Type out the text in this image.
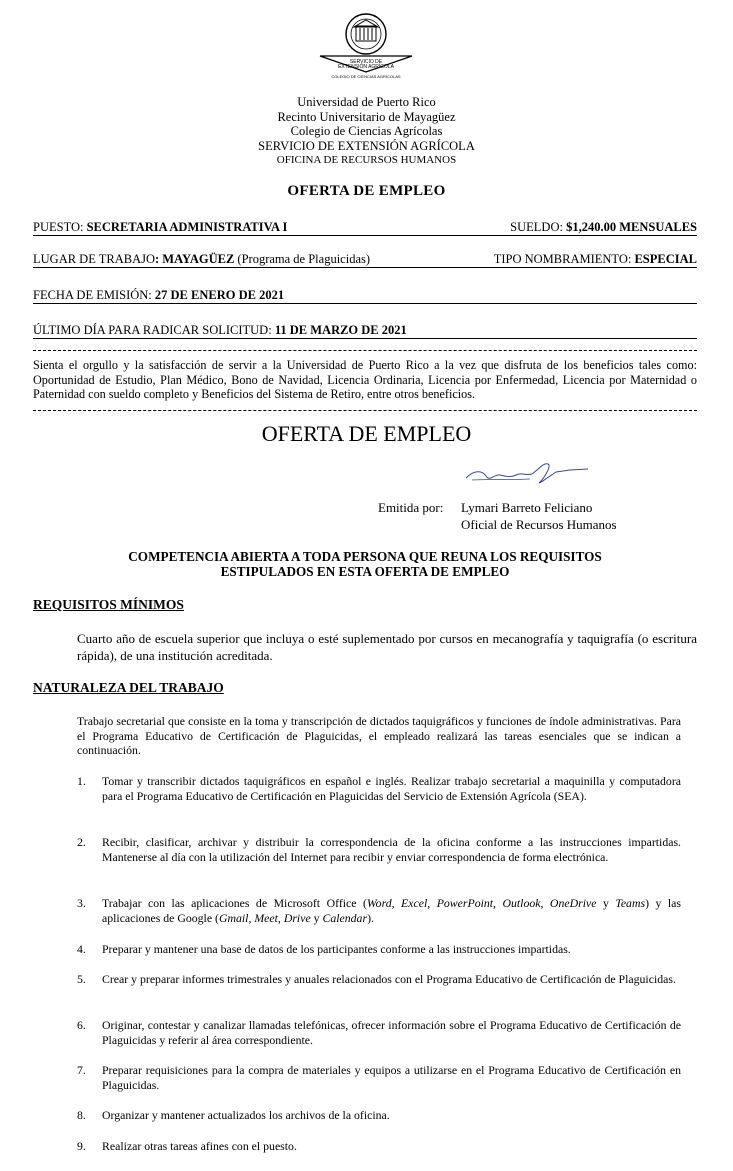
SERVICIO DE
EXTENSIÓN AGRÍCOLA
COLEGIO DE CIENCIAS AGRÍCOLAS
Universidad de Puerto Rico
Recinto Universitario de Mayagüez
Colegio de Ciencias Agrícolas
SERVICIO DE EXTENSIÓN AGRÍCOLA
OFICINA DE RECURSOS HUMANOS
OFERTA DE EMPLEO
PUESTO: SECRETARIA ADMINISTRATIVA I	SUELDO: $1,240.00 MENSUALES
LUGAR DE TRABAJO: MAYAGÜEZ (Programa de Plaguicidas)	TIPO NOMBRAMIENTO: ESPECIAL
FECHA DE EMISIÓN: 27 DE ENERO DE 2021
ÚLTIMO DÍA PARA RADICAR SOLICITUD: 11 DE MARZO DE 2021
Sienta el orgullo y la satisfacción de servir a la Universidad de Puerto Rico a la vez que disfruta de los beneficios tales como: Oportunidad de Estudio, Plan Médico, Bono de Navidad, Licencia Ordinaria, Licencia por Enfermedad, Licencia por Maternidad o Paternidad con sueldo completo y Beneficios del Sistema de Retiro, entre otros beneficios.
OFERTA DE EMPLEO
Emitida por: Lymari Barreto Feliciano
Oficial de Recursos Humanos
COMPETENCIA ABIERTA A TODA PERSONA QUE REUNA LOS REQUISITOS
ESTIPULADOS EN ESTA OFERTA DE EMPLEO
REQUISITOS MÍNIMOS
Cuarto año de escuela superior que incluya o esté suplementado por cursos en mecanografía y taquigrafía (o escritura rápida), de una institución acreditada.
NATURALEZA DEL TRABAJO
Trabajo secretarial que consiste en la toma y transcripción de dictados taquigráficos y funciones de índole administrativas. Para el Programa Educativo de Certificación de Plaguicidas, el empleado realizará las tareas esenciales que se indican a continuación.
1. Tomar y transcribir dictados taquigráficos en español e inglés. Realizar trabajo secretarial a maquinilla y computadora para el Programa Educativo de Certificación en Plaguicidas del Servicio de Extensión Agrícola (SEA).
2. Recibir, clasificar, archivar y distribuir la correspondencia de la oficina conforme a las instrucciones impartidas. Mantenerse al día con la utilización del Internet para recibir y enviar correspondencia de forma electrónica.
3. Trabajar con las aplicaciones de Microsoft Office (Word, Excel, PowerPoint, Outlook, OneDrive y Teams) y las aplicaciones de Google (Gmail, Meet, Drive y Calendar).
4. Preparar y mantener una base de datos de los participantes conforme a las instrucciones impartidas.
5. Crear y preparar informes trimestrales y anuales relacionados con el Programa Educativo de Certificación de Plaguicidas.
6. Originar, contestar y canalizar llamadas telefónicas, ofrecer información sobre el Programa Educativo de Certificación de Plaguicidas y referir al área correspondiente.
7. Preparar requisiciones para la compra de materiales y equipos a utilizarse en el Programa Educativo de Certificación en Plaguicidas.
8. Organizar y mantener actualizados los archivos de la oficina.
9. Realizar otras tareas afines con el puesto.
